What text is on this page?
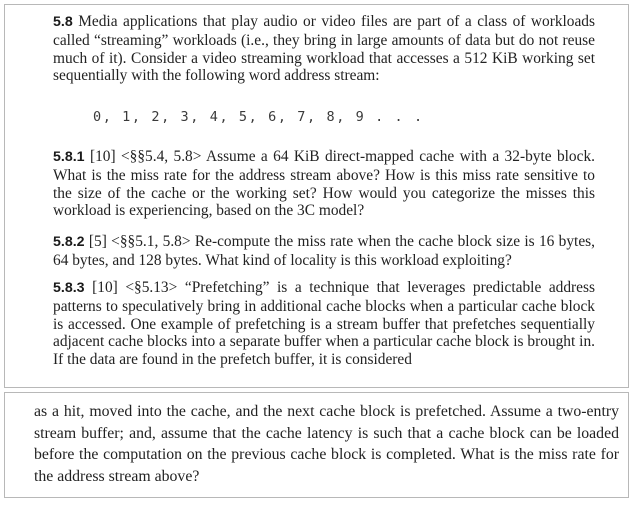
5.8 Media applications that play audio or video files are part of a class of workloads called “streaming” workloads (i.e., they bring in large amounts of data but do not reuse much of it). Consider a video streaming workload that accesses a 512 KiB working set sequentially with the following word address stream:

0, 1, 2, 3, 4, 5, 6, 7, 8, 9 . . .

5.8.1 [10] <§§5.4, 5.8> Assume a 64 KiB direct-mapped cache with a 32-byte block. What is the miss rate for the address stream above? How is this miss rate sensitive to the size of the cache or the working set? How would you categorize the misses this workload is experiencing, based on the 3C model?

5.8.2 [5] <§§5.1, 5.8> Re-compute the miss rate when the cache block size is 16 bytes, 64 bytes, and 128 bytes. What kind of locality is this workload exploiting?

5.8.3 [10] <§5.13> “Prefetching” is a technique that leverages predictable address patterns to speculatively bring in additional cache blocks when a particular cache block is accessed. One example of prefetching is a stream buffer that prefetches sequentially adjacent cache blocks into a separate buffer when a particular cache block is brought in. If the data are found in the prefetch buffer, it is considered

as a hit, moved into the cache, and the next cache block is prefetched. Assume a two-entry stream buffer; and, assume that the cache latency is such that a cache block can be loaded before the computation on the previous cache block is completed. What is the miss rate for the address stream above?
